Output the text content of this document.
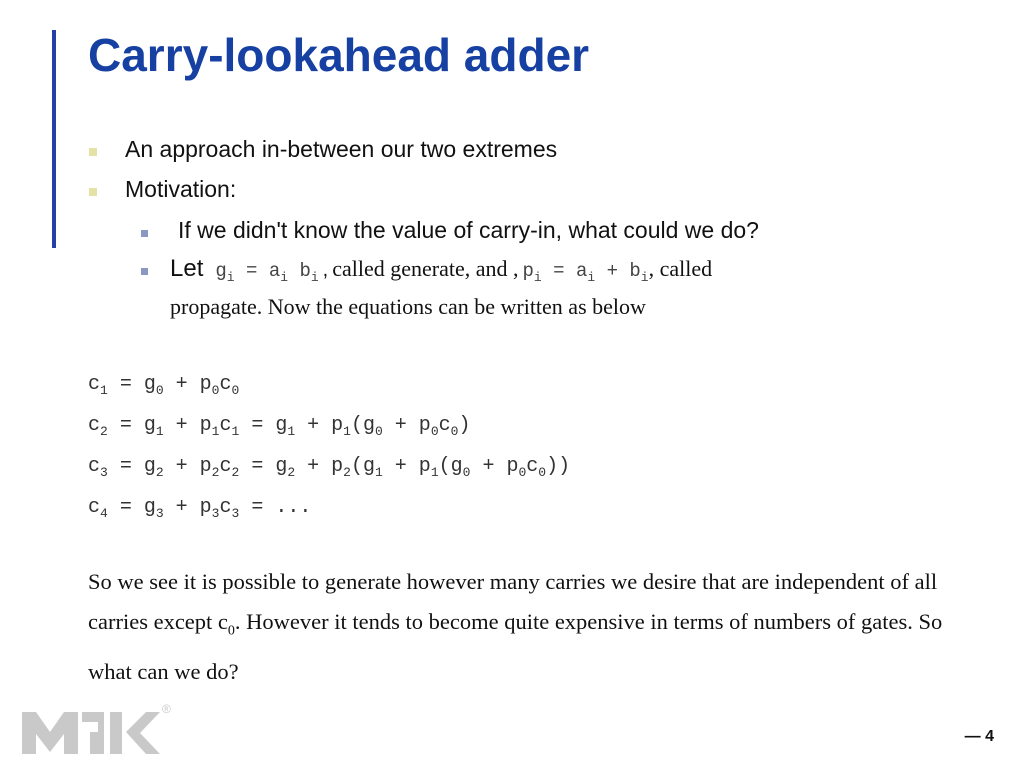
Carry-lookahead adder
An approach in-between our two extremes
Motivation:
If we didn't know the value of carry-in, what could we do?
Let $g_i = a_i$ $b_i$ , called generate, and , $p_i = a_i + b_i$, called
propagate. Now the equations can be written as below
$c_1 = g_0 + p_0c_0$
$c_2 = g_1 + p_1c_1 = g_1 + p_1(g_0 + p_0c_0)$
$c_3 = g_2 + p_2c_2 = g_2 + p_2(g_1 + p_1(g_0 + p_0c_0))$
$c_4 = g_3 + p_3c_3$ = ...
So we see it is possible to generate however many carries we desire that are independent of all carries except $c_0$. However it tends to become quite expensive in terms of numbers of gates. So what can we do?
®
— 4
